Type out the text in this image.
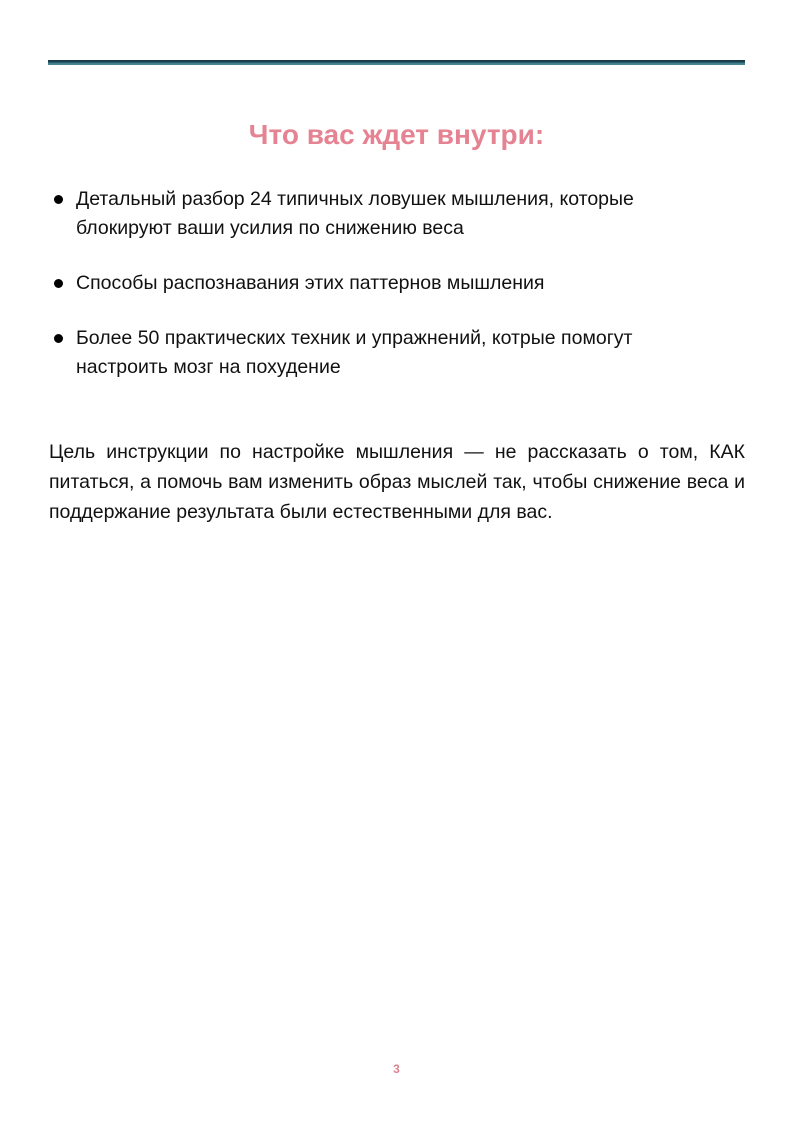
Что вас ждет внутри:
Детальный разбор 24 типичных ловушек мышления, которые блокируют ваши усилия по снижению веса
Способы распознавания этих паттернов мышления
Более 50 практических техник и упражнений, котрые помогут настроить мозг на похудение

Цель инструкции по настройке мышления — не рассказать о том, КАК питаться, а помочь вам изменить образ мыслей так, чтобы снижение веса и поддержание результата были естественными для вас.

3
